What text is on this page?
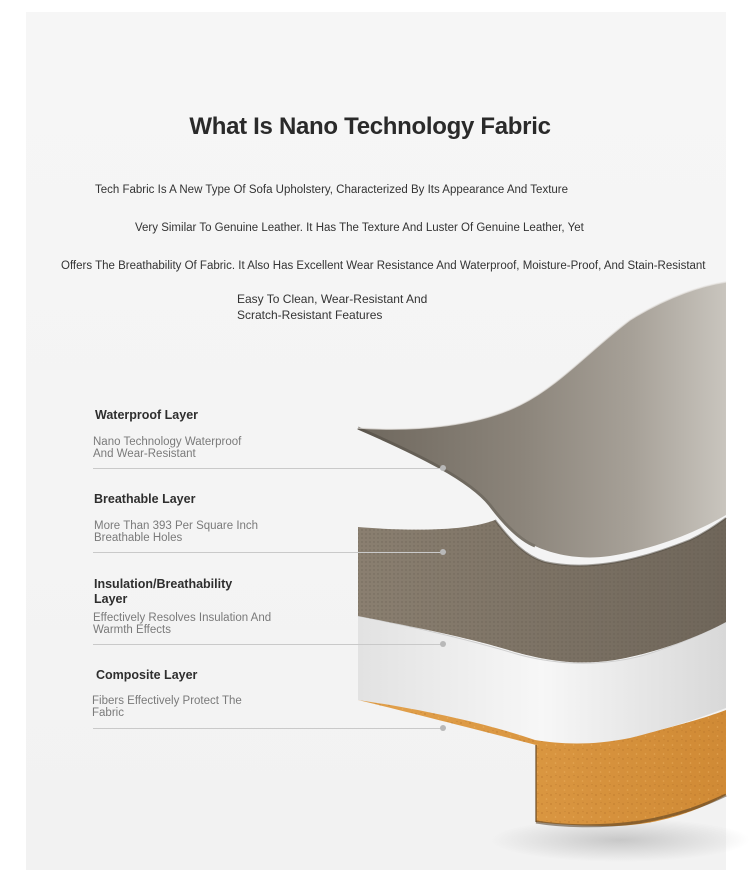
What Is Nano Technology Fabric
Tech Fabric Is A New Type Of Sofa Upholstery, Characterized By Its Appearance And Texture
Very Similar To Genuine Leather. It Has The Texture And Luster Of Genuine Leather, Yet
Offers The Breathability Of Fabric. It Also Has Excellent Wear Resistance And Waterproof, Moisture-Proof, And Stain-Resistant
Easy To Clean, Wear-Resistant And
Scratch-Resistant Features
Waterproof Layer
Nano Technology Waterproof
And Wear-Resistant
Breathable Layer
More Than 393 Per Square Inch
Breathable Holes
Insulation/Breathability
Layer
Effectively Resolves Insulation And
Warmth Effects
Composite Layer
Fibers Effectively Protect The
Fabric
